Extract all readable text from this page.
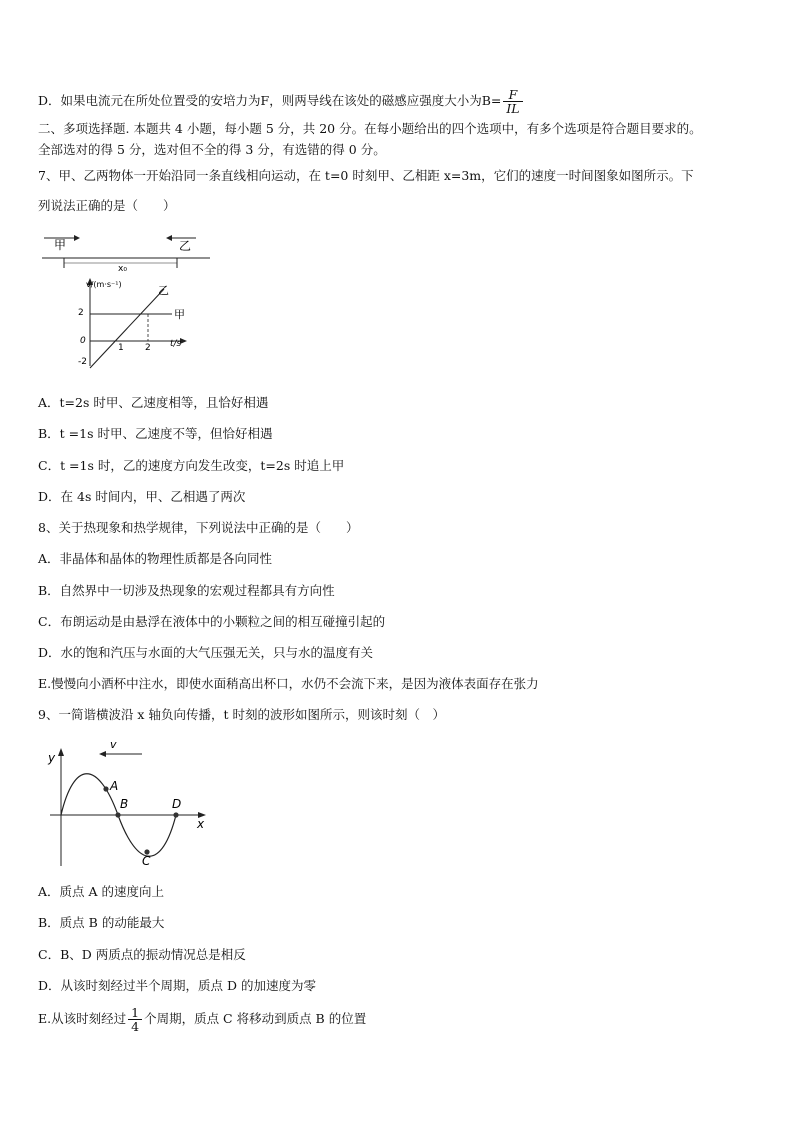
D．如果电流元在所处位置受的安培力为F，则两导线在该处的磁感应强度大小为$B= \frac{F}{IL}$
二、多项选择题. 本题共 4 小题，每小题 5 分，共 20 分。在每小题给出的四个选项中，有多个选项是符合题目要求的。
全部选对的得 5 分，选对但不全的得 3 分，有选错的得 0 分。
7、甲、乙两物体一开始沿同一条直线相向运动，在 t=0 时刻甲、乙相距 x=3m，它们的速度一时间图象如图所示。下
列说法正确的是（　　）
甲	乙
x₀
v/(m·s⁻¹)
t/s
2
0
-2
1 2
甲
乙
A．t=2s 时甲、乙速度相等，且恰好相遇
B．t =1s 时甲、乙速度不等，但恰好相遇
C．t =1s 时，乙的速度方向发生改变，t=2s 时追上甲
D．在 4s 时间内，甲、乙相遇了两次
8、关于热现象和热学规律，下列说法中正确的是（　　）
A．非晶体和晶体的物理性质都是各向同性
B．自然界中一切涉及热现象的宏观过程都具有方向性
C．布朗运动是由悬浮在液体中的小颗粒之间的相互碰撞引起的
D．水的饱和汽压与水面的大气压强无关，只与水的温度有关
E.慢慢向小酒杯中注水，即使水面稍高出杯口，水仍不会流下来，是因为液体表面存在张力
9、一简谐横波沿 x 轴负向传播，t 时刻的波形如图所示，则该时刻（　）
y
x
v
A
B
C
D
A．质点 A 的速度向上
B．质点 B 的动能最大
C．B、D 两质点的振动情况总是相反
D．从该时刻经过半个周期，质点 D 的加速度为零
E.从该时刻经过 $\frac{1}{4}$ 个周期，质点 C 将移动到质点 B 的位置
